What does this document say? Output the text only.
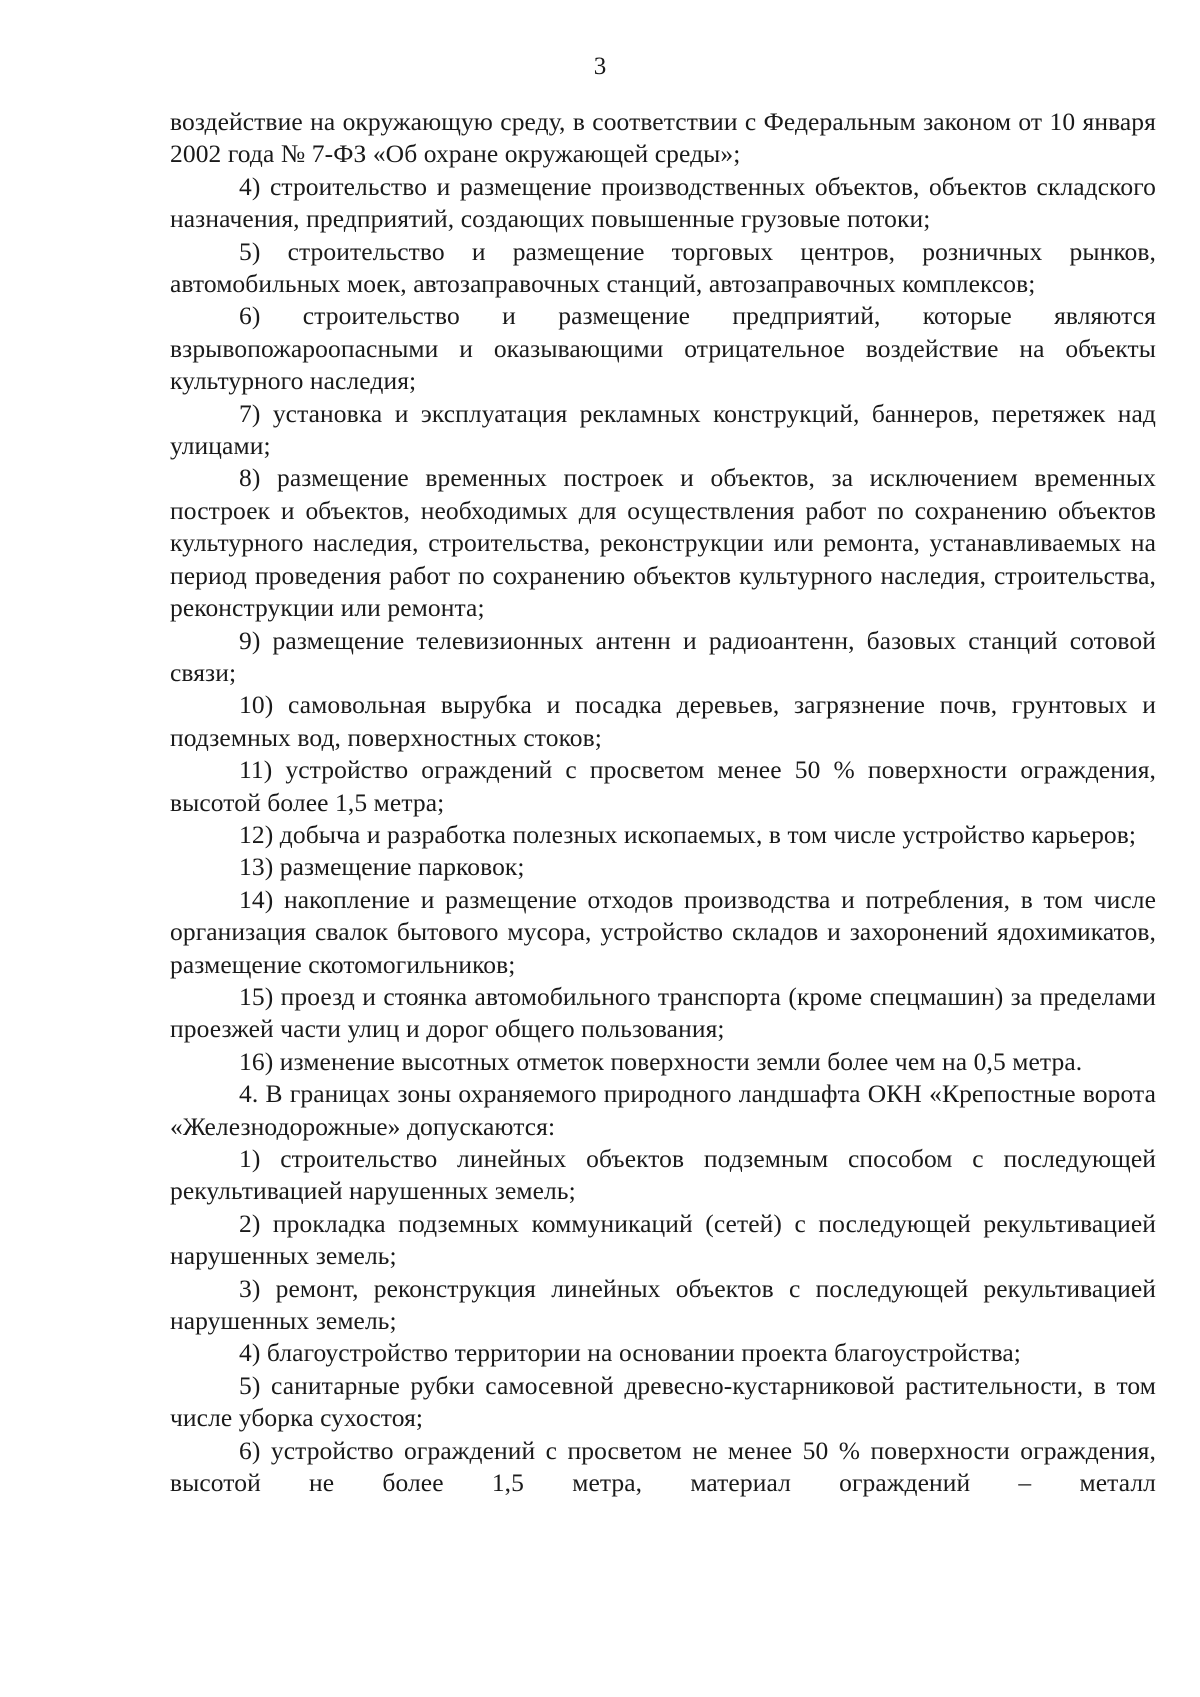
3

воздействие на окружающую среду, в соответствии с Федеральным законом от 10 января 2002 года № 7-ФЗ «Об охране окружающей среды»;

4) строительство и размещение производственных объектов, объектов складского назначения, предприятий, создающих повышенные грузовые потоки;

5) строительство и размещение торговых центров, розничных рынков, автомобильных моек, автозаправочных станций, автозаправочных комплексов;

6) строительство и размещение предприятий, которые являются взрывопожароопасными и оказывающими отрицательное воздействие на объекты культурного наследия;

7) установка и эксплуатация рекламных конструкций, баннеров, перетяжек над улицами;

8) размещение временных построек и объектов, за исключением временных построек и объектов, необходимых для осуществления работ по сохранению объектов культурного наследия, строительства, реконструкции или ремонта, устанавливаемых на период проведения работ по сохранению объектов культурного наследия, строительства, реконструкции или ремонта;

9) размещение телевизионных антенн и радиоантенн, базовых станций сотовой связи;

10) самовольная вырубка и посадка деревьев, загрязнение почв, грунтовых и подземных вод, поверхностных стоков;

11) устройство ограждений с просветом менее 50 % поверхности ограждения, высотой более 1,5 метра;

12) добыча и разработка полезных ископаемых, в том числе устройство карьеров;

13) размещение парковок;

14) накопление и размещение отходов производства и потребления, в том числе организация свалок бытового мусора, устройство складов и захоронений ядохимикатов, размещение скотомогильников;

15) проезд и стоянка автомобильного транспорта (кроме спецмашин) за пределами проезжей части улиц и дорог общего пользования;

16) изменение высотных отметок поверхности земли более чем на 0,5 метра.

4. В границах зоны охраняемого природного ландшафта ОКН «Крепостные ворота «Железнодорожные» допускаются:

1) строительство линейных объектов подземным способом с последующей рекультивацией нарушенных земель;

2) прокладка подземных коммуникаций (сетей) с последующей рекультивацией нарушенных земель;

3) ремонт, реконструкция линейных объектов с последующей рекультивацией нарушенных земель;

4) благоустройство территории на основании проекта благоустройства;

5) санитарные рубки самосевной древесно-кустарниковой растительности, в том числе уборка сухостоя;

6) устройство ограждений с просветом не менее 50 % поверхности ограждения, высотой не более 1,5 метра, материал ограждений – металл
